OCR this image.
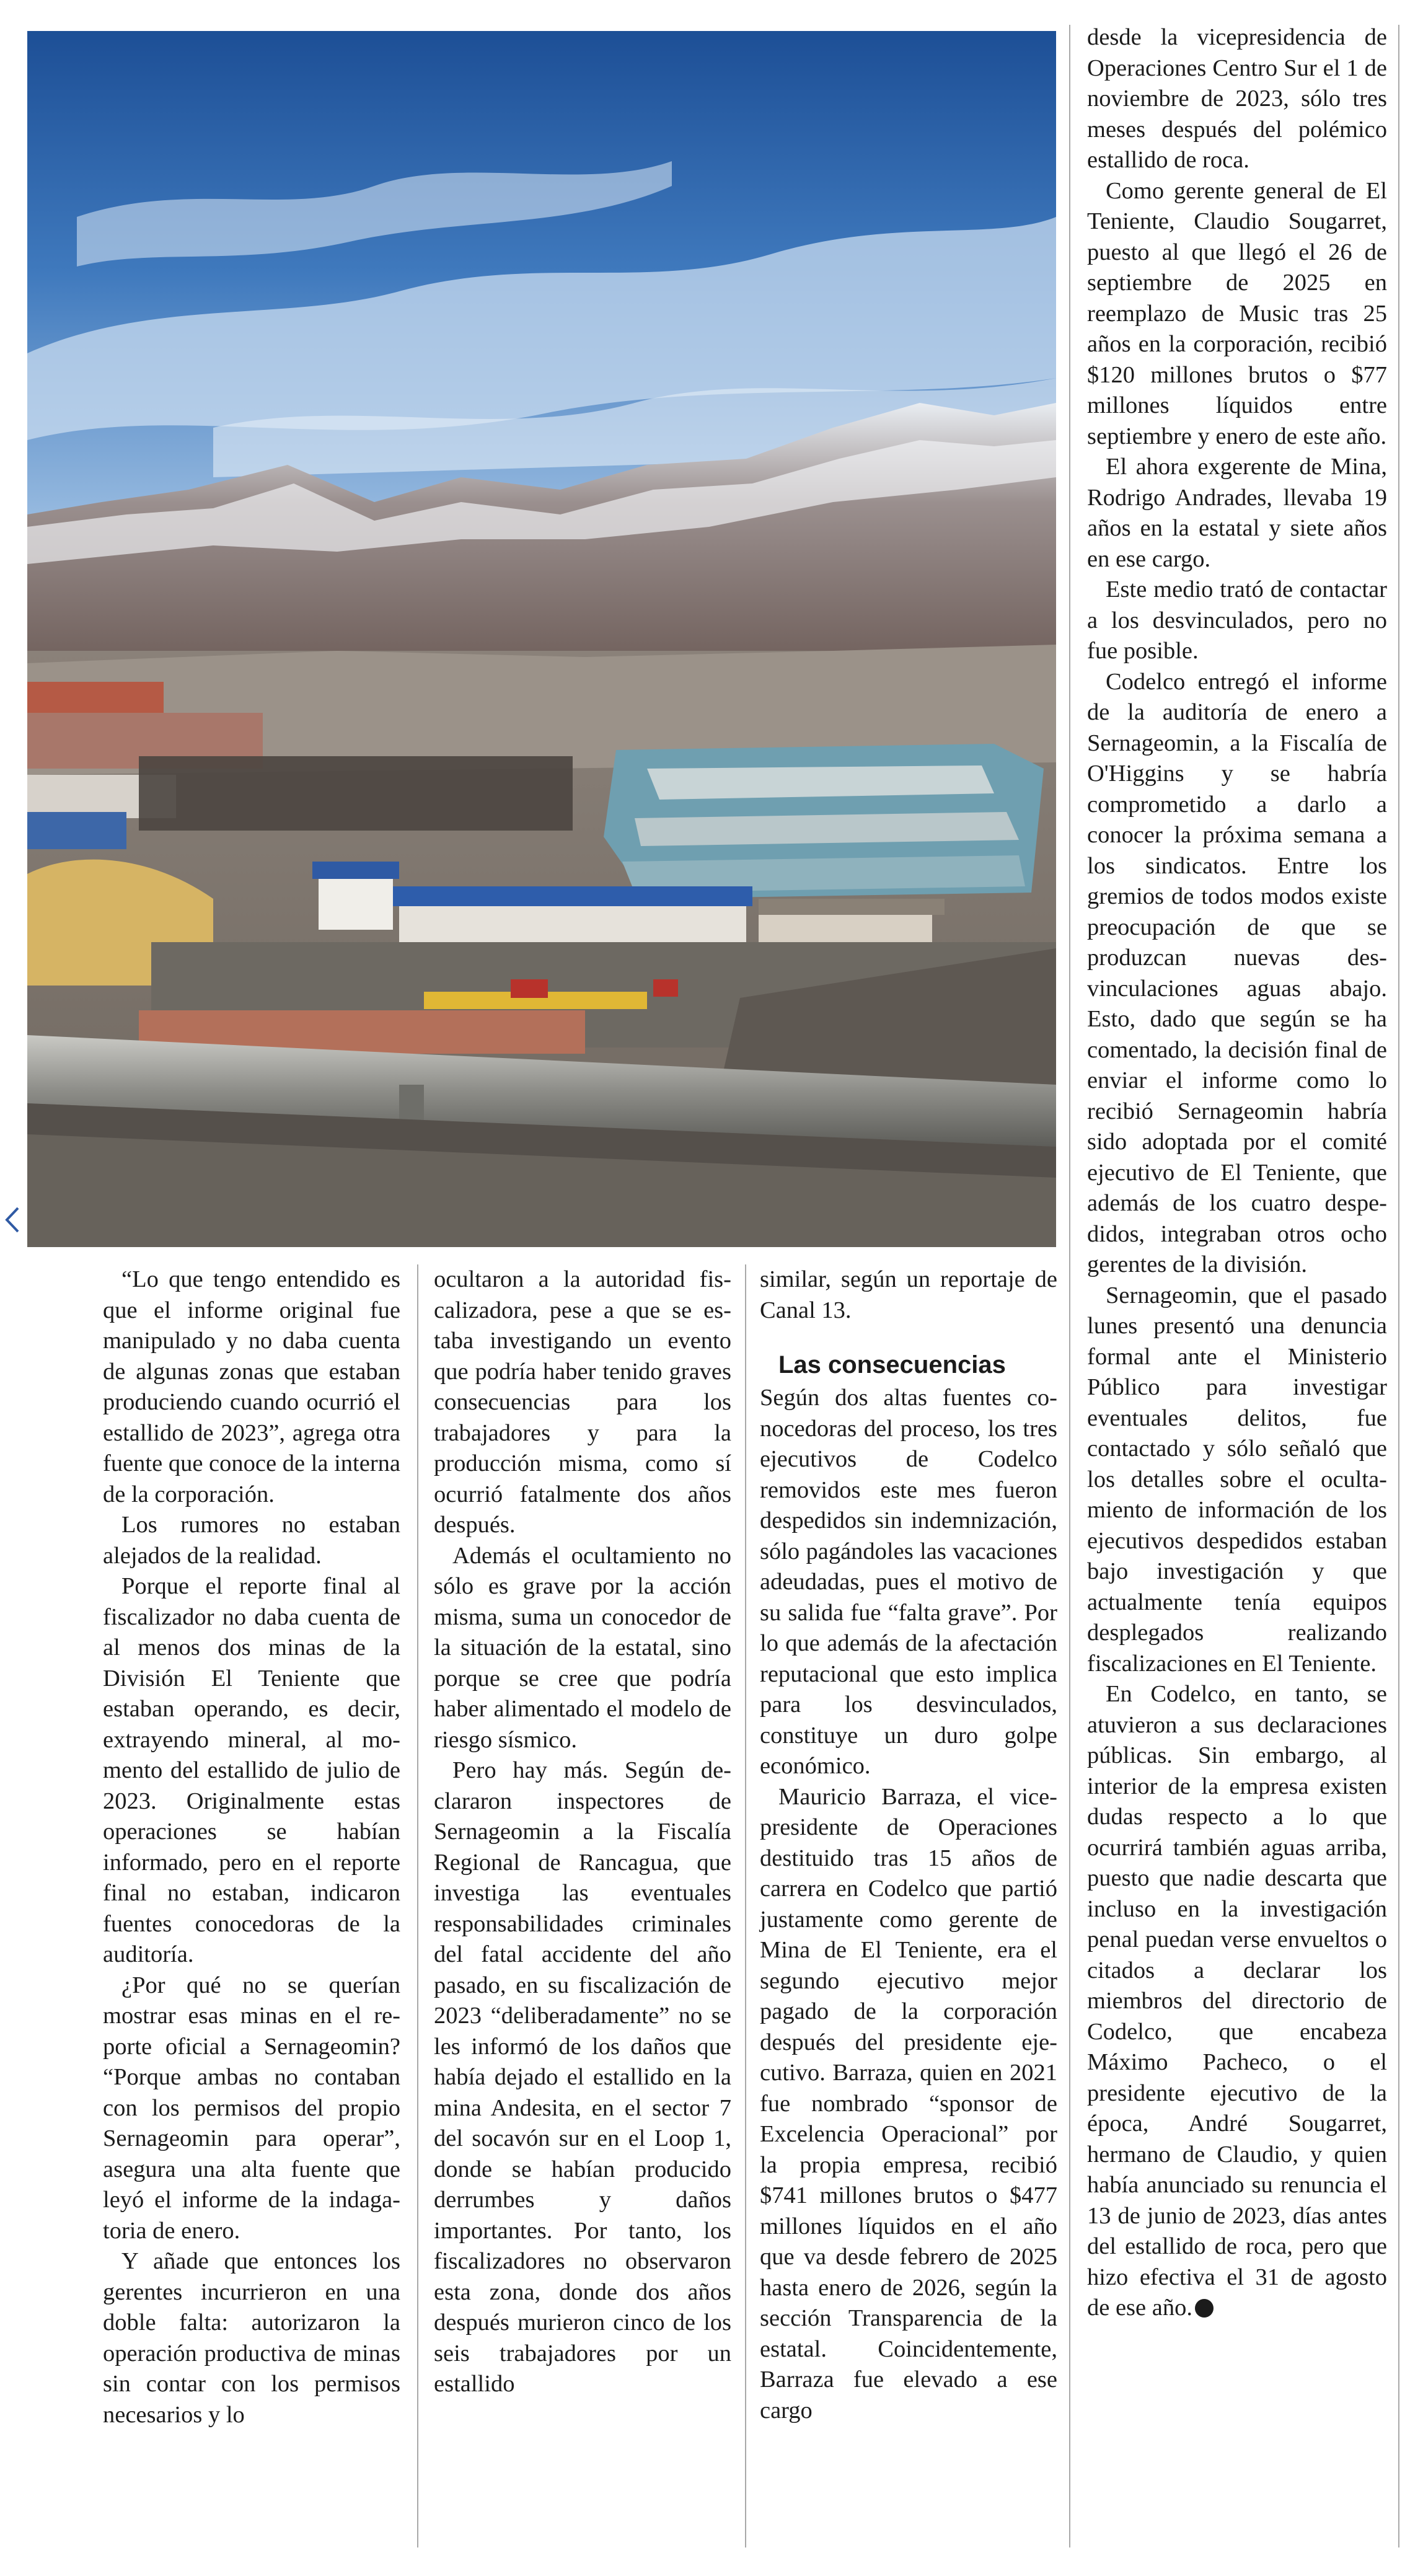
desde la vicepresidencia de Operaciones Centro Sur el 1 de noviembre de 2023, sólo tres meses después del polémico estallido de roca.

Como gerente general de El Teniente, Claudio Sougarret, puesto al que llegó el 26 de septiembre de 2025 en reemplazo de Music tras 25 años en la corporación, recibió $120 millones brutos o $77 millones líquidos entre septiembre y enero de este año.

El ahora exgerente de Mina, Rodrigo Andrades, llevaba 19 años en la estatal y siete años en ese cargo.

Este medio trató de contactar a los desvinculados, pero no fue posible.

Codelco entregó el informe de la auditoría de enero a Sernageomin, a la Fiscalía de O'Higgins y se habría comprometido a darlo a conocer la próxima semana a los sindicatos. Entre los gremios de todos modos existe preocupación de que se produzcan nuevas desvinculaciones aguas abajo. Esto, dado que según se ha comentado, la decisión final de enviar el informe como lo recibió Sernageomin habría sido adoptada por el comité ejecutivo de El Teniente, que además de los cuatro despedidos, integraban otros ocho gerentes de la división.

Sernageomin, que el pasado lunes presentó una denuncia formal ante el Ministerio Público para investigar eventuales delitos, fue contactado y sólo señaló que los detalles sobre el ocultamiento de información de los ejecutivos despedidos estaban bajo investigación y que actualmente tenía equipos desplegados realizando fiscalizaciones en El Teniente.

En Codelco, en tanto, se atuvieron a sus declaraciones públicas. Sin embargo, al interior de la empresa existen dudas respecto a lo que ocurrirá también aguas arriba, puesto que nadie descarta que incluso en la investigación penal puedan verse envueltos o citados a declarar los miembros del directorio de Codelco, que encabeza Máximo Pacheco, o el presidente ejecutivo de la época, André Sougarret, hermano de Claudio, y quien había anunciado su renuncia el 13 de junio de 2023, días antes del estallido de roca, pero que hizo efectiva el 31 de agosto de ese año.

“Lo que tengo entendido es que el informe original fue manipulado y no daba cuenta de algunas zonas que estaban produciendo cuando ocurrió el estallido de 2023”, agrega otra fuente que conoce de la interna de la corporación.

Los rumores no estaban alejados de la realidad.

Porque el reporte final al fiscalizador no daba cuenta de al menos dos minas de la División El Teniente que estaban operando, es decir, extrayendo mineral, al momento del estallido de julio de 2023. Originalmente estas operaciones se habían informado, pero en el reporte final no estaban, indicaron fuentes conocedoras de la auditoría.

¿Por qué no se querían mostrar esas minas en el reporte oficial a Sernageomin? “Porque ambas no contaban con los permisos del propio Sernageomin para operar”, asegura una alta fuente que leyó el informe de la indagatoria de enero.

Y añade que entonces los gerentes incurrieron en una doble falta: autorizaron la operación productiva de minas sin contar con los permisos necesarios y lo

ocultaron a la autoridad fiscalizadora, pese a que se estaba investigando un evento que podría haber tenido graves consecuencias para los trabajadores y para la producción misma, como sí ocurrió fatalmente dos años después.

Además el ocultamiento no sólo es grave por la acción misma, suma un conocedor de la situación de la estatal, sino porque se cree que podría haber alimentado el modelo de riesgo sísmico.

Pero hay más. Según declararon inspectores de Sernageomin a la Fiscalía Regional de Rancagua, que investiga las eventuales responsabilidades criminales del fatal accidente del año pasado, en su fiscalización de 2023 “deliberadamente” no se les informó de los daños que había dejado el estallido en la mina Andesita, en el sector 7 del socavón sur en el Loop 1, donde se habían producido derrumbes y daños importantes. Por tanto, los fiscalizadores no observaron esta zona, donde dos años después murieron cinco de los seis trabajadores por un estallido

similar, según un reportaje de Canal 13.

Las consecuencias

Según dos altas fuentes conocedoras del proceso, los tres ejecutivos de Codelco removidos este mes fueron despedidos sin indemnización, sólo pagándoles las vacaciones adeudadas, pues el motivo de su salida fue “falta grave”. Por lo que además de la afectación reputacional que esto implica para los desvinculados, constituye un duro golpe económico.

Mauricio Barraza, el vicepresidente de Operaciones destituido tras 15 años de carrera en Codelco que partió justamente como gerente de Mina de El Teniente, era el segundo ejecutivo mejor pagado de la corporación después del presidente ejecutivo. Barraza, quien en 2021 fue nombrado “sponsor de Excelencia Operacional” por la propia empresa, recibió $741 millones brutos o $477 millones líquidos en el año que va desde febrero de 2025 hasta enero de 2026, según la sección Transparencia de la estatal. Coincidentemente, Barraza fue elevado a ese cargo
